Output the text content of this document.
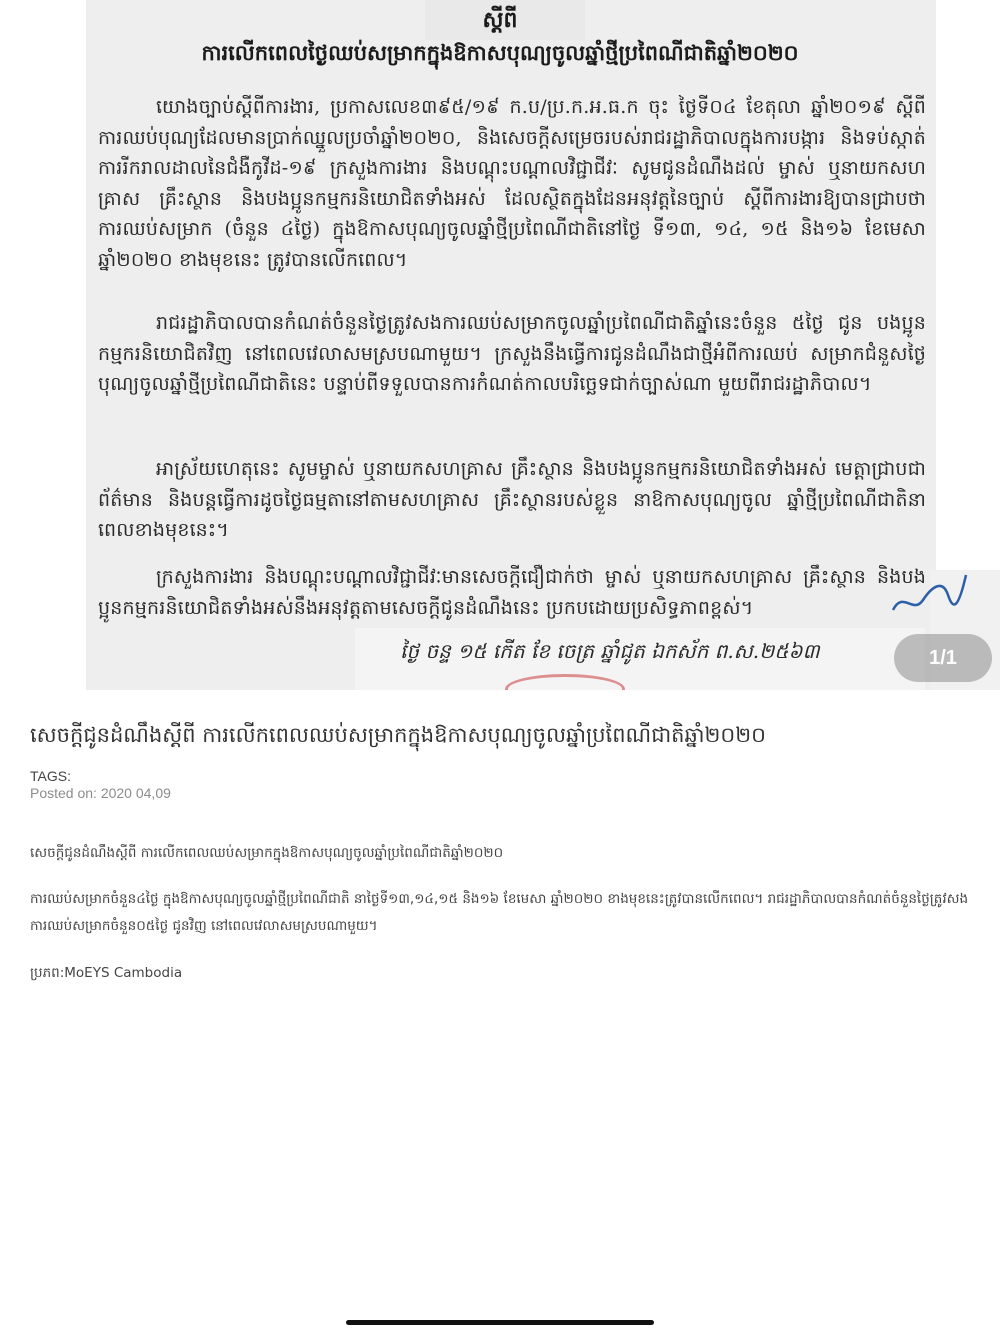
ស្តីពី
ការលើកពេលថ្ងៃឈប់សម្រាកក្នុងឱកាសបុណ្យចូលឆ្នាំថ្មីប្រពៃណីជាតិឆ្នាំ២០២០
យោងច្បាប់ស្តីពីការងារ, ប្រកាសលេខ៣៩៥/១៩ ក.ប/ប្រ.ក.អ.ធ.ក ចុះ ថ្ងៃទី០៤ ខែតុលា ឆ្នាំ២០១៩ ស្តីពីការឈប់បុណ្យដែលមានប្រាក់ឈ្នួលប្រចាំឆ្នាំ២០២០, និងសេចក្តីសម្រេចរបស់រាជរដ្ឋាភិបាលក្នុងការបង្ការ និងទប់ស្កាត់ការរីករាលដាលនៃជំងឺកូវីដ-១៩ ក្រសួងការងារ និងបណ្តុះបណ្តាលវិជ្ជាជីវៈ សូមជូនដំណឹងដល់ ម្ចាស់ ឬនាយកសហគ្រាស គ្រឹះស្ថាន និងបងប្អូនកម្មករនិយោជិតទាំងអស់ ដែលស្ថិតក្នុងដែនអនុវត្តនៃច្បាប់ ស្តីពីការងារឱ្យបានជ្រាបថា ការឈប់សម្រាក (ចំនួន ៤ថ្ងៃ) ក្នុងឱកាសបុណ្យចូលឆ្នាំថ្មីប្រពៃណីជាតិនៅថ្ងៃ ទី១៣, ១៤, ១៥ និង១៦ ខែមេសា ឆ្នាំ២០២០ ខាងមុខនេះ ត្រូវបានលើកពេល។
រាជរដ្ឋាភិបាលបានកំណត់ចំនួនថ្ងៃត្រូវសងការឈប់សម្រាកចូលឆ្នាំប្រពៃណីជាតិឆ្នាំនេះចំនួន ៥ថ្ងៃ ជូន បងប្អូនកម្មករនិយោជិតវិញ នៅពេលវេលាសមស្របណាមួយ។ ក្រសួងនឹងធ្វើការជូនដំណឹងជាថ្មីអំពីការឈប់ សម្រាកជំនួសថ្ងៃបុណ្យចូលឆ្នាំថ្មីប្រពៃណីជាតិនេះ បន្ទាប់ពីទទួលបានការកំណត់កាលបរិច្ឆេទជាក់ច្បាស់ណា មួយពីរាជរដ្ឋាភិបាល។
អាស្រ័យហេតុនេះ សូមម្ចាស់ ឬនាយកសហគ្រាស គ្រឹះស្ថាន និងបងប្អូនកម្មករនិយោជិតទាំងអស់ មេត្តាជ្រាបជាព័ត៌មាន និងបន្តធ្វើការដូចថ្ងៃធម្មតានៅតាមសហគ្រាស គ្រឹះស្ថានរបស់ខ្លួន នាឱកាសបុណ្យចូល ឆ្នាំថ្មីប្រពៃណីជាតិនាពេលខាងមុខនេះ។
ក្រសួងការងារ និងបណ្តុះបណ្តាលវិជ្ជាជីវៈមានសេចក្តីជឿជាក់ថា ម្ចាស់ ឬនាយកសហគ្រាស គ្រឹះស្ថាន និងបងប្អូនកម្មករនិយោជិតទាំងអស់នឹងអនុវត្តតាមសេចក្តីជូនដំណឹងនេះ ប្រកបដោយប្រសិទ្ធភាពខ្ពស់។
ថ្ងៃ ចន្ទ ១៥ កើត ខែ ចេត្រ ឆ្នាំជូត ឯកស័ក ព.ស.២៥៦៣	1/1
សេចក្តីជូនដំណឹងស្តីពី ការលើកពេលឈប់សម្រាកក្នុងឱកាសបុណ្យចូលឆ្នាំប្រពៃណីជាតិឆ្នាំ២០២០
TAGS:
Posted on: 2020 04,09
សេចក្តីជូនដំណឹងស្តីពី ការលើកពេលឈប់សម្រាកក្នុងឱកាសបុណ្យចូលឆ្នាំប្រពៃណីជាតិឆ្នាំ២០២០
ការឈប់សម្រាកចំនួន៤ថ្ងៃ ក្នុងឱកាសបុណ្យចូលឆ្នាំថ្មីប្រពៃណីជាតិ នាថ្ងៃទី១៣,១៤,១៥ និង១៦ ខែមេសា ឆ្នាំ២០២០ ខាងមុខនេះត្រូវបានលើកពេល។ រាជរដ្ឋាភិបាលបានកំណត់ចំនួនថ្ងៃត្រូវសង ការឈប់សម្រាកចំនួន០៥ថ្ងៃ ជូនវិញ នៅពេលវេលាសមស្របណាមួយ។
ប្រភព:MoEYS Cambodia
